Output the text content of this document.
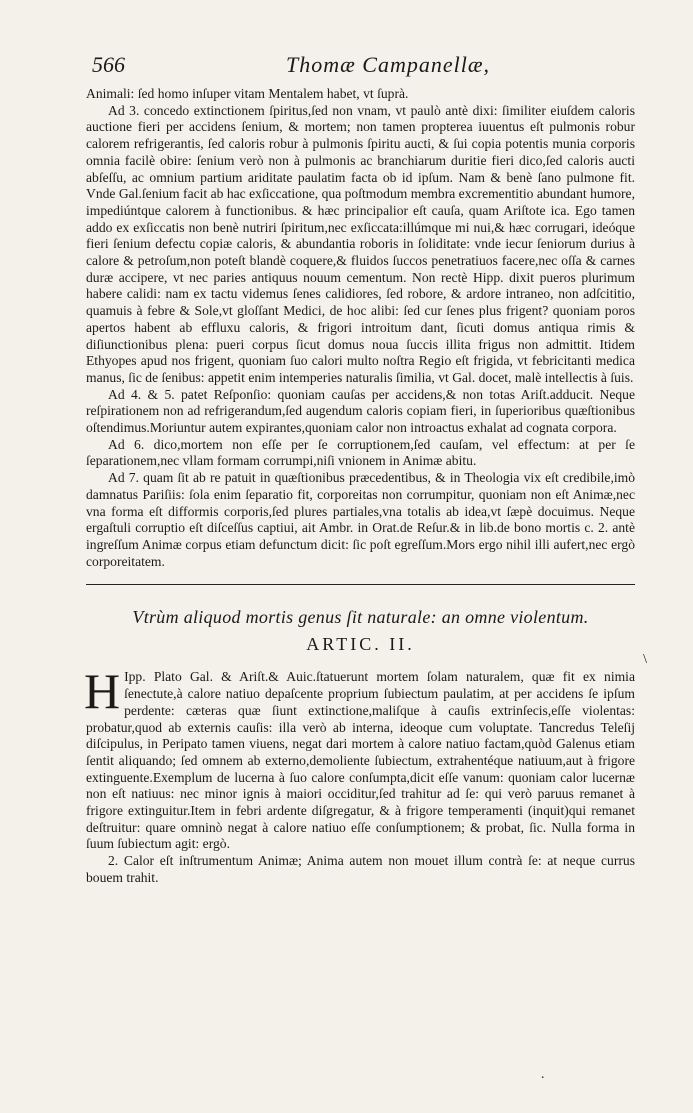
566	Thomæ Campanellæ,

Animali: ſed homo inſuper vitam Mentalem habet, vt ſuprà.

Ad 3. concedo extinctionem ſpiritus,ſed non vnam, vt paulò antè dixi: ſimiliter eiuſdem caloris auctione fieri per accidens ſenium, & mortem; non tamen propterea iuuentus eſt pulmonis robur calorem refrigerantis, ſed caloris robur à pulmonis ſpiritu aucti, & ſui copia potentis munia corporis omnia facilè obire: ſenium verò non à pulmonis ac branchiarum duritie fieri dico,ſed caloris aucti abſeſſu, ac omnium partium ariditate paulatim facta ob id ipſum. Nam & benè ſano pulmone fit. Vnde Gal.ſenium facit ab hac exſiccatione, qua poſtmodum membra excrementitio abundant humore, impediúntque calorem à functionibus. & hæc principalior eſt cauſa, quam Ariſtote ica. Ego tamen addo ex exſiccatis non benè nutriri ſpiritum,nec exſiccata:illúmque mi nui,& hæc corrugari, ideóque fieri ſenium defectu copiæ caloris, & abundantia roboris in ſoliditate: vnde iecur ſeniorum durius à calore & petroſum,non poteſt blandè coquere,& fluidos ſuccos penetratiuos facere,nec oſſa & carnes duræ accipere, vt nec paries antiquus nouum cementum. Non rectè Hipp. dixit pueros plurimum habere calidi: nam ex tactu videmus ſenes calidiores, ſed robore, & ardore intraneo, non adſcititio, quamuis à febre & Sole,vt gloſſant Medici, de hoc alibi: ſed cur ſenes plus frigent? quoniam poros apertos habent ab effluxu caloris, & frigori introitum dant, ſicuti domus antiqua rimis & diſiunctionibus plena: pueri corpus ſicut domus noua ſuccis illita frigus non admittit. Itidem Ethyopes apud nos frigent, quoniam ſuo calori multo noſtra Regio eſt frigida, vt febricitanti medica manus, ſic de ſenibus: appetit enim intemperies naturalis ſimilia, vt Gal. docet, malè intellectis à ſuis.

Ad 4. & 5. patet Reſponſio: quoniam cauſas per accidens,& non totas Ariſt.adducit. Neque reſpirationem non ad refrigerandum,ſed augendum caloris copiam fieri, in ſuperioribus quæſtionibus oſtendimus.Moriuntur autem expirantes,quoniam calor non introactus exhalat ad cognata corpora.

Ad 6. dico,mortem non eſſe per ſe corruptionem,ſed cauſam, vel effectum: at per ſe ſeparationem,nec vllam formam corrumpi,niſi vnionem in Animæ abitu.

Ad 7. quam ſit ab re patuit in quæſtionibus præcedentibus, & in Theologia vix eſt credibile,imò damnatus Pariſiis: ſola enim ſeparatio fit, corporeitas non corrumpitur, quoniam non eſt Animæ,nec vna forma eſt difformis corporis,ſed plures partiales,vna totalis ab idea,vt ſæpè docuimus. Neque ergaſtuli corruptio eſt diſceſſus captiui, ait Ambr. in Orat.de Reſur.& in lib.de bono mortis c. 2. antè ingreſſum Animæ corpus etiam defunctum dicit: ſic poſt egreſſum.Mors ergo nihil illi aufert,nec ergò corporeitatem.

Vtrùm aliquod mortis genus ſit naturale: an omne violentum.
ARTIC. II.

H Ipp. Plato Gal. & Ariſt.& Auic.ſtatuerunt mortem ſolam naturalem, quæ fit ex nimia ſenectute,à calore natiuo depaſcente proprium ſubiectum paulatim, at per accidens ſe ipſum perdente: cæteras quæ ſiunt extinctione,maliſque à cauſis extrinſecis,eſſe violentas: probatur,quod ab externis cauſis: illa verò ab interna, ideoque cum voluptate. Tancredus Teleſij diſcipulus, in Peripato tamen viuens, negat dari mortem à calore natiuo factam,quòd Galenus etiam ſentit aliquando; ſed omnem ab externo,demoliente ſubiectum, extrahentéque natiuum,aut à frigore extinguente.Exemplum de lucerna à ſuo calore conſumpta,dicit eſſe vanum: quoniam calor lucernæ non eſt natiuus: nec minor ignis à maiori occiditur,ſed trahitur ad ſe: qui verò paruus remanet à frigore extinguitur.Item in febri ardente diſgregatur, & à frigore temperamenti (inquit)qui remanet deſtruitur: quare omninò negat à calore natiuo eſſe conſumptionem; & probat, ſic. Nulla forma in ſuum ſubiectum agit: ergò.

2. Calor eſt inſtrumentum Animæ; Anima autem non mouet illum contrà ſe: at neque currus bouem trahit.

\
·
